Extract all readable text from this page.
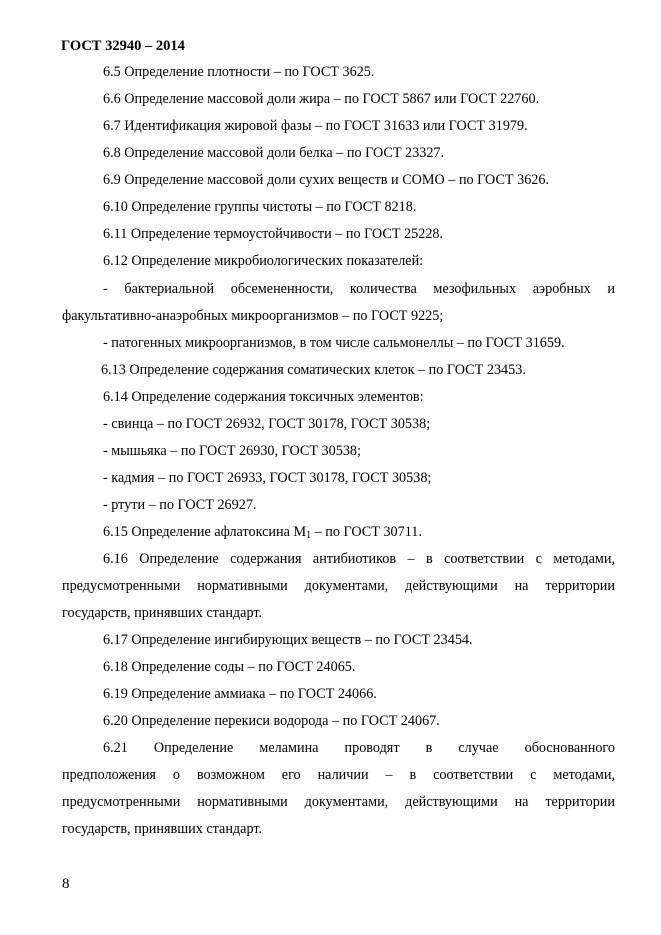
ГОСТ 32940 – 2014
6.5 Определение плотности – по ГОСТ 3625.
6.6 Определение массовой доли жира – по ГОСТ 5867 или ГОСТ 22760.
6.7 Идентификация жировой фазы – по ГОСТ 31633 или ГОСТ 31979.
6.8 Определение массовой доли белка – по ГОСТ 23327.
6.9 Определение массовой доли сухих веществ и СОМО – по ГОСТ 3626.
6.10 Определение группы чистоты – по ГОСТ 8218.
6.11 Определение термоустойчивости – по ГОСТ 25228.
6.12 Определение микробиологических показателей:
- бактериальной обсемененности, количества мезофильных аэробных и
факультативно-анаэробных микроорганизмов – по ГОСТ 9225;
- патогенных микроорганизмов, в том числе сальмонеллы – по ГОСТ 31659.
6.13 Определение содержания соматических клеток – по ГОСТ 23453.
6.14 Определение содержания токсичных элементов:
- свинца – по ГОСТ 26932, ГОСТ 30178, ГОСТ 30538;
- мышьяка – по ГОСТ 26930, ГОСТ 30538;
- кадмия – по ГОСТ 26933, ГОСТ 30178, ГОСТ 30538;
- ртути – по ГОСТ 26927.
6.15 Определение афлатоксина $M_1$ – по ГОСТ 30711.
6.16 Определение содержания антибиотиков – в соответствии с методами,
предусмотренными нормативными документами, действующими на территории
государств, принявших стандарт.
6.17 Определение ингибирующих веществ – по ГОСТ 23454.
6.18 Определение соды – по ГОСТ 24065.
6.19 Определение аммиака – по ГОСТ 24066.
6.20 Определение перекиси водорода – по ГОСТ 24067.
6.21 Определение меламина проводят в случае обоснованного
предположения о возможном его наличии – в соответствии с методами,
предусмотренными нормативными документами, действующими на территории
государств, принявших стандарт.
8
